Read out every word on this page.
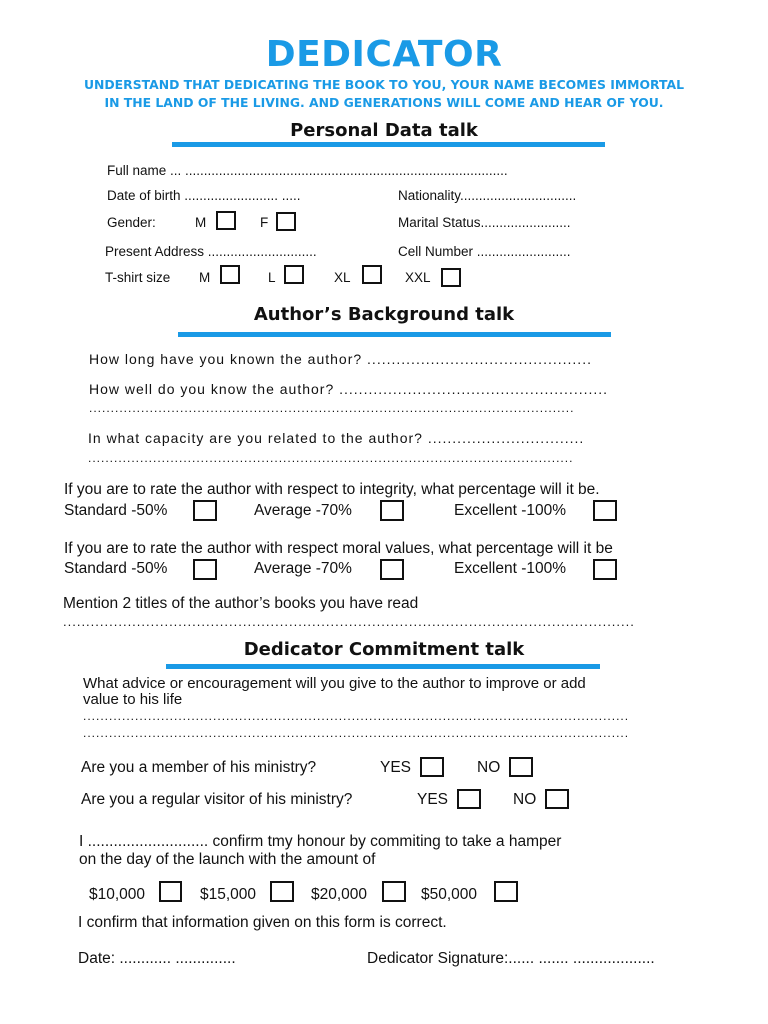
DEDICATOR
UNDERSTAND THAT DEDICATING THE BOOK TO YOU, YOUR NAME BECOMES IMMORTAL
IN THE LAND OF THE LIVING. AND GENERATIONS WILL COME AND HEAR OF YOU.
Personal Data talk
Full name ... ......................................................................................
Date of birth ......................... .....	Nationality...............................
Gender:	M	F	Marital Status........................
Present Address .............................	Cell Number .........................
T-shirt size M	L	XL	XXL
Author’s Background talk
How long have you known the author? ..............................................
How well do you know the author? .......................................................
................................................................................................................
In what capacity are you related to the author? ................................
................................................................................................................
If you are to rate the author with respect to integrity, what percentage will it be.
Standard -50%	Average -70%	Excellent -100%
If you are to rate the author with respect moral values, what percentage will it be
Standard -50%	Average -70%	Excellent -100%
Mention 2 titles of the author’s books you have read
............................................................................................................................
Dedicator Commitment talk
What advice or encouragement will you give to the author to improve or add
value to his life
..............................................................................................................................
..............................................................................................................................
Are you a member of his ministry?	YES	NO
Are you a regular visitor of his ministry?	YES	NO
I ............................ confirm tmy honour by commiting to take a hamper
on the day of the launch with the amount of
$10,000	$15,000	$20,000	$50,000
I confirm that information given on this form is correct.
Date: ............ ..............	Dedicator Signature:...... ....... ...................
